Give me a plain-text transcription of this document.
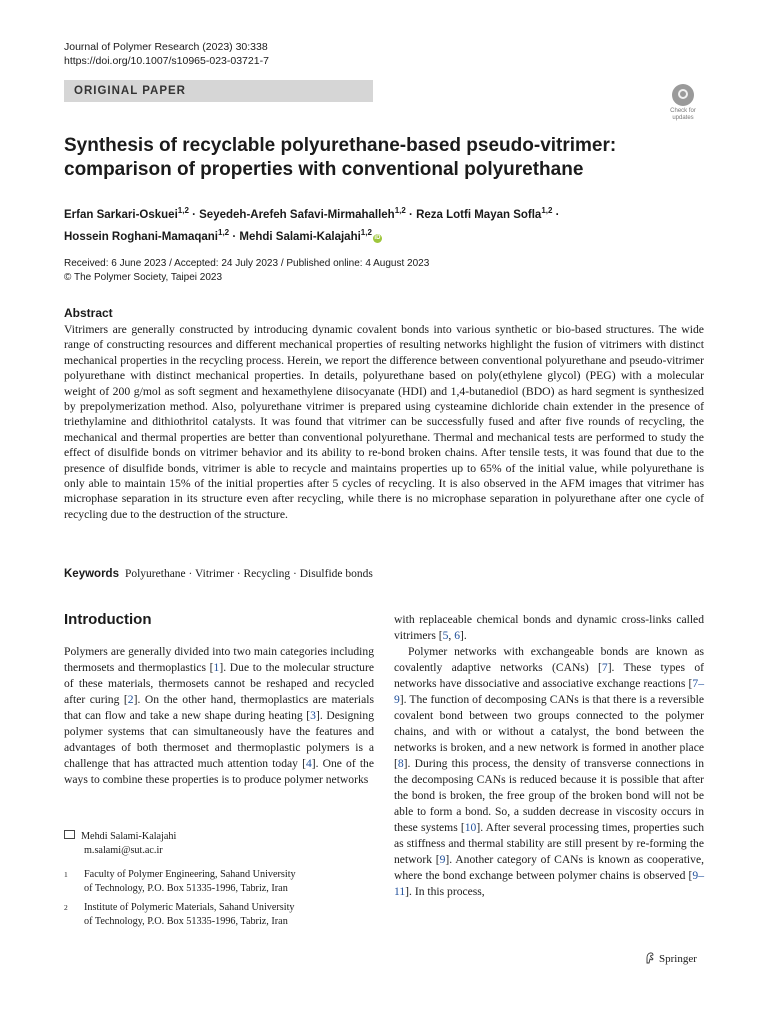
Journal of Polymer Research (2023) 30:338
https://doi.org/10.1007/s10965-023-03721-7
ORIGINAL PAPER
Check for
updates
Synthesis of recyclable polyurethane-based pseudo-vitrimer:
comparison of properties with conventional polyurethane
Erfan Sarkari-Oskuei$^{1,2}$ · Seyedeh-Arefeh Safavi-Mirmahalleh$^{1,2}$ · Reza Lotfi Mayan Sofla$^{1,2}$ ·
Hossein Roghani-Mamaqani$^{1,2}$ · Mehdi Salami-Kalajahi$^{1,2}$iD
Received: 6 June 2023 / Accepted: 24 July 2023 / Published online: 4 August 2023
© The Polymer Society, Taipei 2023
Abstract
Vitrimers are generally constructed by introducing dynamic covalent bonds into various synthetic or bio-based structures. The wide range of constructing resources and different mechanical properties of resulting networks highlight the fusion of vitrimers with distinct mechanical properties in the recycling process. Herein, we report the difference between conventional polyurethane and pseudo-vitrimer polyurethane with distinct mechanical properties. In details, polyurethane based on poly(ethylene glycol) (PEG) with a molecular weight of 200 g/mol as soft segment and hexamethylene diisocyanate (HDI) and 1,4-butanediol (BDO) as hard segment is synthesized by prepolymerization method. Also, polyurethane vitrimer is prepared using cysteamine dichloride chain extender in the presence of triethylamine and dithiothritol catalysts. It was found that vitrimer can be successfully fused and after five rounds of recycling, the mechanical and thermal properties are better than conventional polyurethane. Thermal and mechanical tests are performed to study the effect of disulfide bonds on vitrimer behavior and its ability to re-bond broken chains. After tensile tests, it was found that due to the presence of disulfide bonds, vitrimer is able to recycle and maintains properties up to 65% of the initial value, while polyurethane is only able to maintain 15% of the initial properties after 5 cycles of recycling. It is also observed in the AFM images that vitrimer has microphase separation in its structure even after recycling, while there is no microphase separation in polyurethane after one cycle of recycling due to the destruction of the structure.
Keywords Polyurethane · Vitrimer · Recycling · Disulfide bonds
Introduction

Polymers are generally divided into two main categories including thermosets and thermoplastics [1]. Due to the molecular structure of these materials, thermosets cannot be reshaped and recycled after curing [2]. On the other hand, thermoplastics are materials that can flow and take a new shape during heating [3]. Designing polymer systems that can simultaneously have the features and advantages of both thermoset and thermoplastic polymers is a challenge that has attracted much attention today [4]. One of the ways to combine these properties is to produce polymer networks

with replaceable chemical bonds and dynamic cross-links called vitrimers [5, 6].

Polymer networks with exchangeable bonds are known as covalently adaptive networks (CANs) [7]. These types of networks have dissociative and associative exchange reactions [7–9]. The function of decomposing CANs is that there is a reversible covalent bond between two groups connected to the polymer chains, and with or without a catalyst, the bond between the networks is broken, and a new network is formed in another place [8]. During this process, the density of transverse connections in the decomposing CANs is reduced because it is possible that after the bond is broken, the free group of the broken bond will not be able to form a bond. So, a sudden decrease in viscosity occurs in these systems [10]. After several processing times, properties such as stiffness and thermal stability are still present by re-forming the network [9]. Another category of CANs is known as cooperative, where the bond exchange between polymer chains is observed [9–11]. In this process,

Mehdi Salami-Kalajahi
m.salami@sut.ac.ir
1 Faculty of Polymer Engineering, Sahand University
of Technology, P.O. Box 51335-1996, Tabriz, Iran
2 Institute of Polymeric Materials, Sahand University
of Technology, P.O. Box 51335-1996, Tabriz, Iran
Springer
